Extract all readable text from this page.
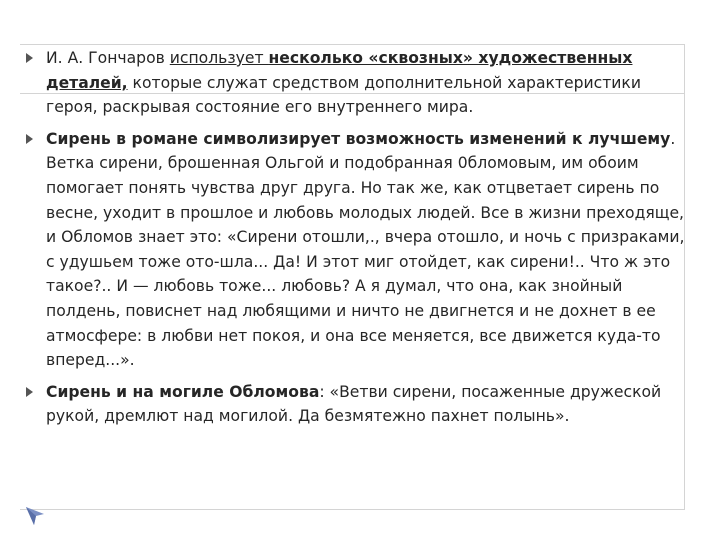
И. А. Гончаров использует несколько «сквозных» художественных деталей, которые служат средством дополнительной характеристики героя, раскрывая состояние его внутреннего мира.
Сирень в романе символизирует возможность изменений к лучшему. Ветка сирени, брошенная Ольгой и подобранная 0бломовым, им обоим помогает понять чувства друг друга. Но так же, как отцветает сирень по весне, уходит в прошлое и любовь молодых людей. Все в жизни преходяще, и Обломов знает это: «Сирени отошли,., вчера отошло, и ночь с призраками, с удушьем тоже ото-шла... Да! И этот миг отойдет, как сирени!.. Что ж это такое?.. И — любовь тоже... любовь? А я думал, что она, как знойный полдень, повиснет над любящими и ничто не двигнется и не дохнет в ее атмосфере: в любви нет покоя, и она все меняется, все движется куда-то вперед...».
Сирень и на могиле Обломова: «Ветви сирени, посаженные дружеской рукой, дремлют над могилой. Да безмятежно пахнет полынь».
